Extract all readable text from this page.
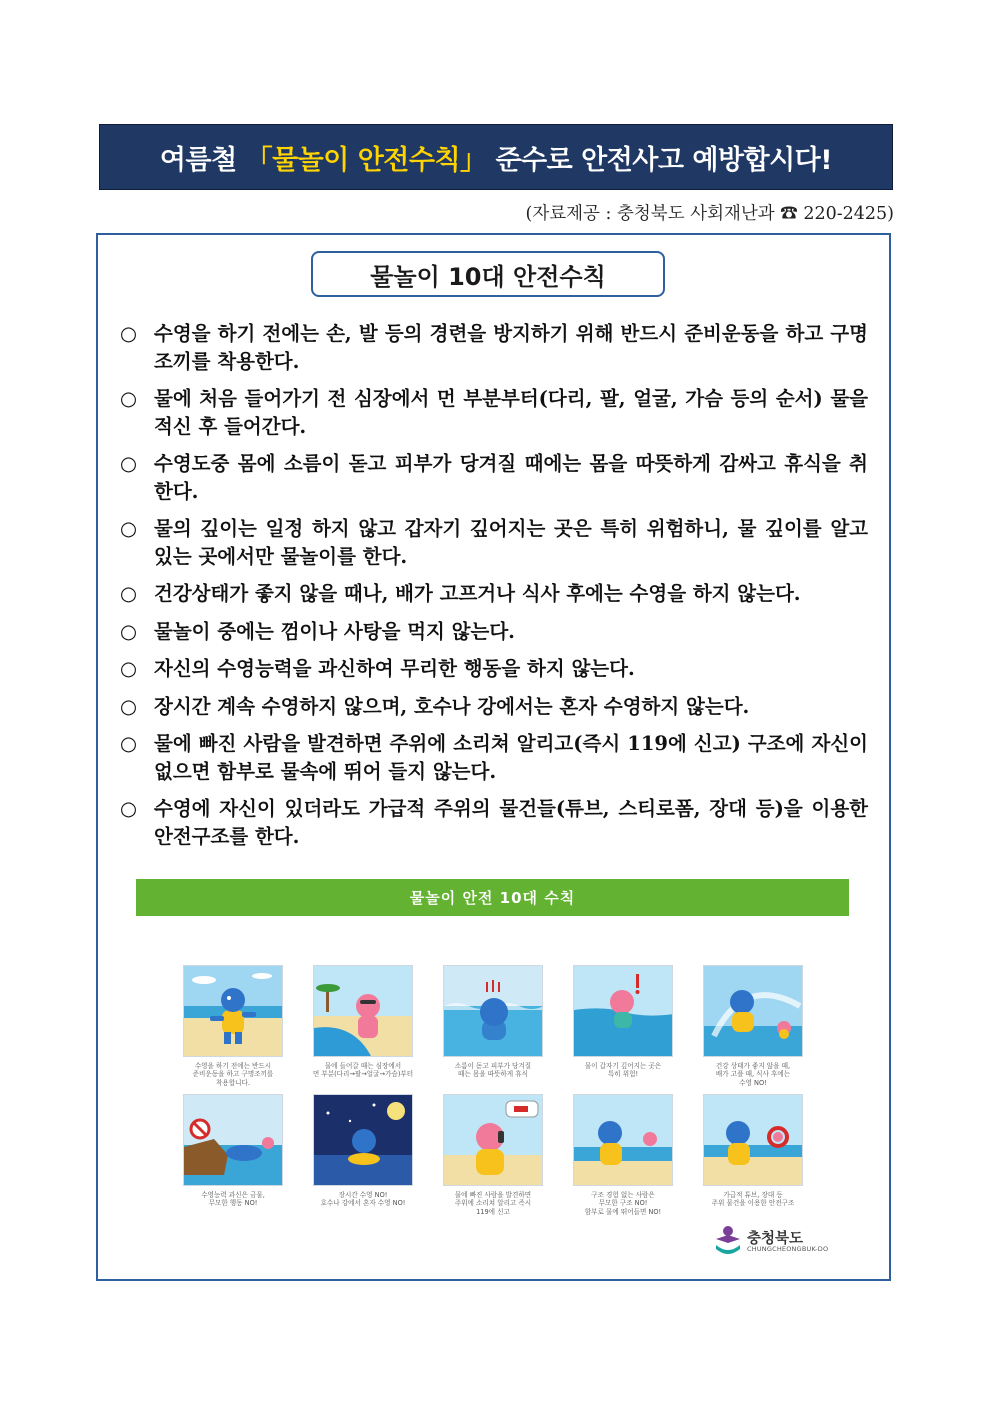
여름철 「물놀이 안전수칙」 준수로 안전사고 예방합시다!
(자료제공 : 충청북도 사회재난과 ☎ 220-2425)
물놀이 10대 안전수칙
○ 수영을 하기 전에는 손, 발 등의 경련을 방지하기 위해 반드시 준비운동을 하고 구명조끼를 착용한다.
○ 물에 처음 들어가기 전 심장에서 먼 부분부터(다리, 팔, 얼굴, 가슴 등의 순서) 물을 적신 후 들어간다.
○ 수영도중 몸에 소름이 돋고 피부가 당겨질 때에는 몸을 따뜻하게 감싸고 휴식을 취한다.
○ 물의 깊이는 일정 하지 않고 갑자기 깊어지는 곳은 특히 위험하니, 물 깊이를 알고 있는 곳에서만 물놀이를 한다.
○ 건강상태가 좋지 않을 때나, 배가 고프거나 식사 후에는 수영을 하지 않는다.
○ 물놀이 중에는 껌이나 사탕을 먹지 않는다.
○ 자신의 수영능력을 과신하여 무리한 행동을 하지 않는다.
○ 장시간 계속 수영하지 않으며, 호수나 강에서는 혼자 수영하지 않는다.
○ 물에 빠진 사람을 발견하면 주위에 소리쳐 알리고(즉시 119에 신고) 구조에 자신이 없으면 함부로 물속에 뛰어 들지 않는다.
○ 수영에 자신이 있더라도 가급적 주위의 물건들(튜브, 스티로폼, 장대 등)을 이용한 안전구조를 한다.
물놀이 안전 10대 수칙
수영을 하기 전에는 반드시
준비운동을 하고 구명조끼를
착용합니다.
물에 들어갈 때는 심장에서
먼 부분(다리→팔→얼굴→가슴)부터
소름이 돋고 피부가 당겨질
때는 몸을 따뜻하게 휴식
물이 갑자기 깊어지는 곳은
특히 위험!
건강 상태가 좋지 않을 때,
배가 고플 때, 식사 후에는
수영 NO!
수영능력 과신은 금물,
무모한 행동 NO!
장시간 수영 NO!
호수나 강에서 혼자 수영 NO!
물에 빠진 사람을 발견하면
주위에 소리쳐 알리고 즉시
119에 신고
구조 경험 없는 사람은
무모한 구조 NO!
함부로 물에 뛰어들면 NO!
가급적 튜브, 장대 등
주위 물건을 이용한 안전구조
충청북도
CHUNGCHEONGBUK-DO
